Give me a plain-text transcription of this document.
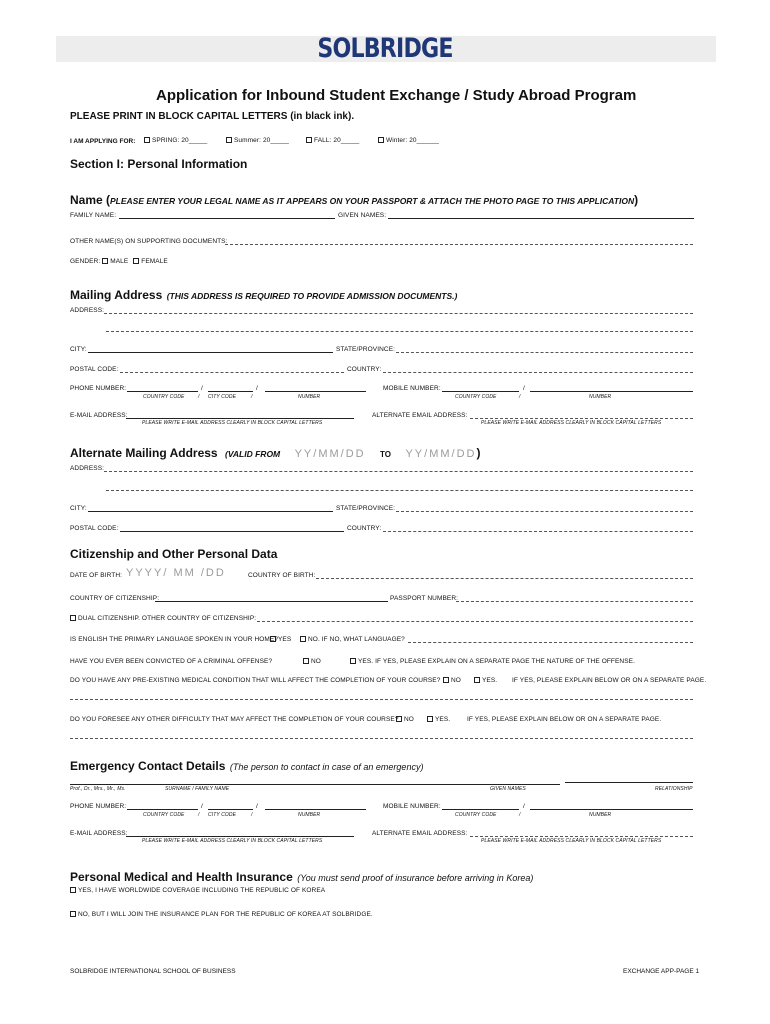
SOLBRIDGE
Application for Inbound Student Exchange / Study Abroad Program
PLEASE PRINT IN BLOCK CAPITAL LETTERS (in black ink).
I AM APPLYING FOR:	SPRING: 20_____	Summer: 20_____	FALL: 20_____	Winter: 20______
Section I: Personal Information
Name (PLEASE ENTER YOUR LEGAL NAME AS IT APPEARS ON YOUR PASSPORT & ATTACH THE PHOTO PAGE TO THIS APPLICATION)
FAMILY NAME:	GIVEN NAMES:
OTHER NAME(S) ON SUPPORTING DOCUMENTS:
GENDER: MALE FEMALE
Mailing Address (THIS ADDRESS IS REQUIRED TO PROVIDE ADMISSION DOCUMENTS.)
ADDRESS:
CITY:	STATE/PROVINCE:
POSTAL CODE:	COUNTRY:
PHONE NUMBER:	/	/
COUNTRY CODE	/ CITY CODE	/	NUMBER
MOBILE NUMBER:	/
COUNTRY CODE	/	NUMBER
E-MAIL ADDRESS:
PLEASE WRITE E-MAIL ADDRESS CLEARLY IN BLOCK CAPITAL LETTERS
ALTERNATE EMAIL ADDRESS:
PLEASE WRITE E-MAIL ADDRESS CLEARLY IN BLOCK CAPITAL LETTERS
Alternate Mailing Address (VALID FROM YY/MM/DD TO YY/MM/DD)
ADDRESS:
CITY:	STATE/PROVINCE:
POSTAL CODE:	COUNTRY:
Citizenship and Other Personal Data
DATE OF BIRTH: YYYY/ MM /DD	COUNTRY OF BIRTH:
COUNTRY OF CITIZENSHIP:	PASSPORT NUMBER:
DUAL CITIZENSHIP. OTHER COUNTRY OF CITIZENSHIP:
IS ENGLISH THE PRIMARY LANGUAGE SPOKEN IN YOUR HOME? YES	NO. IF NO, WHAT LANGUAGE?
HAVE YOU EVER BEEN CONVICTED OF A CRIMINAL OFFENSE?	NO	YES. IF YES, PLEASE EXPLAIN ON A SEPARATE PAGE THE NATURE OF THE OFFENSE.
DO YOU HAVE ANY PRE-EXISTING MEDICAL CONDITION THAT WILL AFFECT THE COMPLETION OF YOUR COURSE?	NO	YES. IF YES, PLEASE EXPLAIN BELOW OR ON A SEPARATE PAGE.
DO YOU FORESEE ANY OTHER DIFFICULTY THAT MAY AFFECT THE COMPLETION OF YOUR COURSE? NO	YES.	IF YES, PLEASE EXPLAIN BELOW OR ON A SEPARATE PAGE.
Emergency Contact Details (The person to contact in case of an emergency)
Prof., Dr., Mrs., Mr., Ms.	SURNAME / FAMILY NAME	GIVEN NAMES	RELATIONSHIP
PHONE NUMBER:	/	/
COUNTRY CODE	/ CITY CODE	/	NUMBER
MOBILE NUMBER:	/
COUNTRY CODE	/	NUMBER
E-MAIL ADDRESS:
PLEASE WRITE E-MAIL ADDRESS CLEARLY IN BLOCK CAPITAL LETTERS
ALTERNATE EMAIL ADDRESS:
PLEASE WRITE E-MAIL ADDRESS CLEARLY IN BLOCK CAPITAL LETTERS
Personal Medical and Health Insurance (You must send proof of insurance before arriving in Korea)
YES, I HAVE WORLDWIDE COVERAGE INCLUDING THE REPUBLIC OF KOREA
NO, BUT I WILL JOIN THE INSURANCE PLAN FOR THE REPUBLIC OF KOREA AT SOLBRIDGE.
SOLBRIDGE INTERNATIONAL SCHOOL OF BUSINESS	EXCHANGE APP-PAGE 1
